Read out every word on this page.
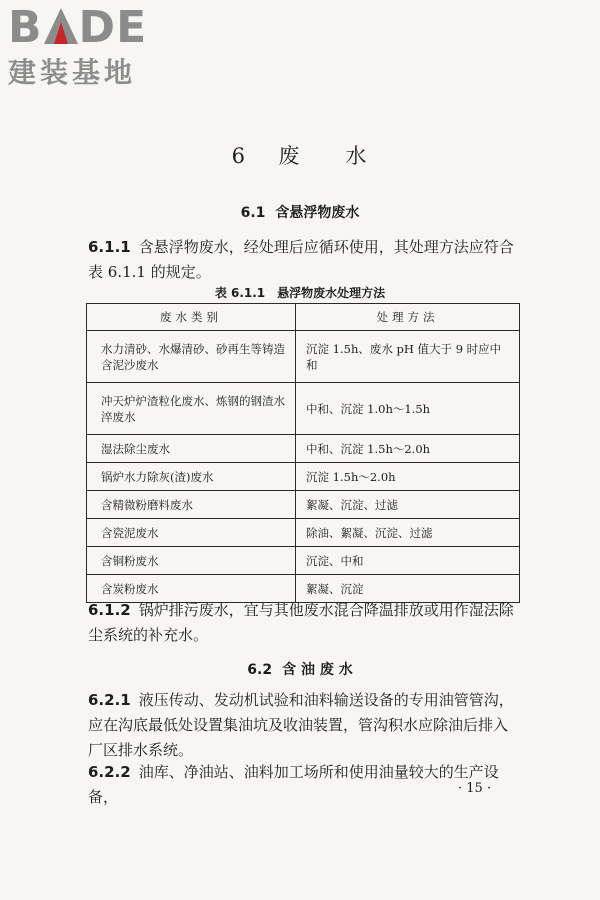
B DE
建装基地
6 废 水
6.1 含悬浮物废水

6.1.1 含悬浮物废水，经处理后应循环使用，其处理方法应符合表 6.1.1 的规定。

表 6.1.1 悬浮物废水处理方法
废水类别	处理方法
水力清砂、水爆清砂、砂再生等铸造含泥沙废水	沉淀 1.5h、废水 pH 值大于 9 时应中和
冲天炉炉渣粒化废水、炼钢的钢渣水淬废水	中和、沉淀 1.0h～1.5h
湿法除尘废水	中和、沉淀 1.5h～2.0h
锅炉水力除灰(渣)废水	沉淀 1.5h～2.0h
含精微粉磨料废水	絮凝、沉淀、过滤
含瓷泥废水	除油、絮凝、沉淀、过滤
含铜粉废水	沉淀、中和
含炭粉废水	絮凝、沉淀

6.1.2 锅炉排污废水，宜与其他废水混合降温排放或用作湿法除尘系统的补充水。

6.2 含 油 废 水

6.2.1 液压传动、发动机试验和油料输送设备的专用油管管沟，应在沟底最低处设置集油坑及收油装置，管沟积水应除油后排入厂区排水系统。

6.2.2 油库、净油站、油料加工场所和使用油量较大的生产设备，	· 15 ·
